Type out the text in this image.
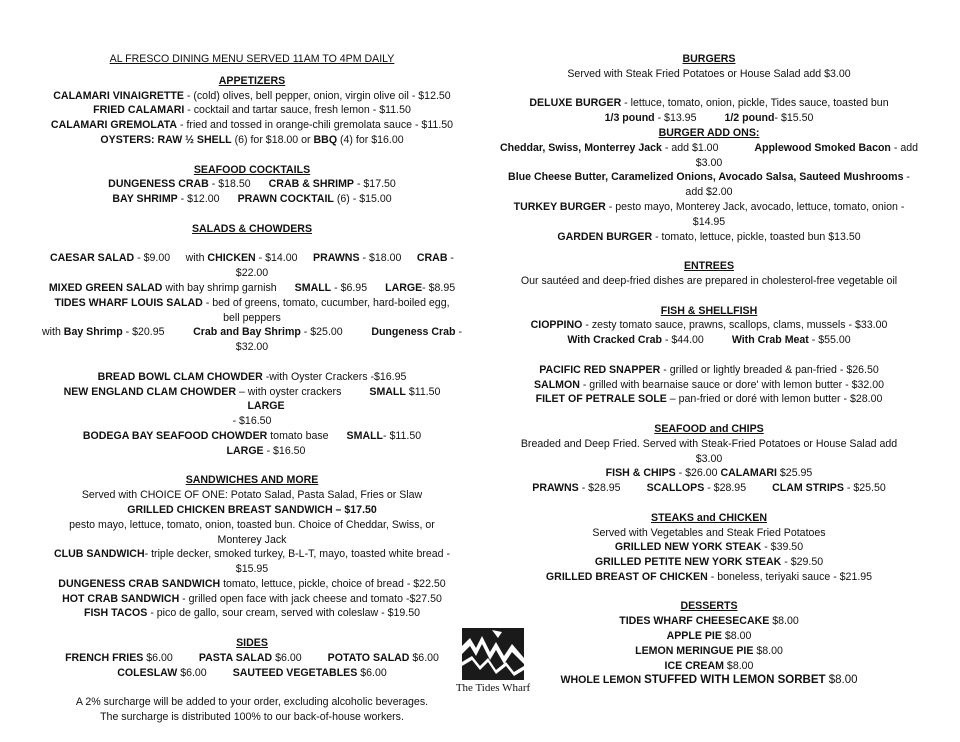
AL FRESCO DINING MENU SERVED 11AM TO 4PM DAILY
APPETIZERS
CALAMARI VINAIGRETTE - (cold) olives, bell pepper, onion, virgin olive oil - $12.50
FRIED CALAMARI - cocktail and tartar sauce, fresh lemon - $11.50
CALAMARI GREMOLATA - fried and tossed in orange-chili gremolata sauce - $11.50
OYSTERS: RAW ½ SHELL (6) for $18.00 or BBQ (4) for $16.00
SEAFOOD COCKTAILS
DUNGENESS CRAB - $18.50 CRAB & SHRIMP - $17.50
BAY SHRIMP - $12.00 PRAWN COCKTAIL (6) - $15.00
SALADS & CHOWDERS
CAESAR SALAD - $9.00 with CHICKEN - $14.00 PRAWNS - $18.00 CRAB -
$22.00
MIXED GREEN SALAD with bay shrimp garnish SMALL - $6.95 LARGE- $8.95
TIDES WHARF LOUIS SALAD - bed of greens, tomato, cucumber, hard-boiled egg,
bell peppers
with Bay Shrimp - $20.95	Crab and Bay Shrimp - $25.00	Dungeness Crab -
$32.00
BREAD BOWL CLAM CHOWDER -with Oyster Crackers -$16.95
NEW ENGLAND CLAM CHOWDER – with oyster crackers	SMALL $11.50LARGE
- $16.50
BODEGA BAY SEAFOOD CHOWDER tomato base SMALL- $11.50LARGE - $16.50
SANDWICHES AND MORE
Served with CHOICE OF ONE: Potato Salad, Pasta Salad, Fries or Slaw
GRILLED CHICKEN BREAST SANDWICH – $17.50
pesto mayo, lettuce, tomato, onion, toasted bun. Choice of Cheddar, Swiss, or
Monterey Jack
CLUB SANDWICH- triple decker, smoked turkey, B-L-T, mayo, toasted white bread -
$15.95
DUNGENESS CRAB SANDWICH tomato, lettuce, pickle, choice of bread - $22.50
HOT CRAB SANDWICH - grilled open face with jack cheese and tomato -$27.50
FISH TACOS - pico de gallo, sour cream, served with coleslaw - $19.50
SIDES
FRENCH FRIES $6.00 PASTA SALAD $6.00 POTATO SALAD $6.00
COLESLAW $6.00 SAUTEED VEGETABLES $6.00
A 2% surcharge will be added to your order, excluding alcoholic beverages.
The surcharge is distributed 100% to our back-of-house workers.
The Tides Wharf
BURGERS
Served with Steak Fried Potatoes or House Salad add $3.00
DELUXE BURGER - lettuce, tomato, onion, pickle, Tides sauce, toasted bun
1/3 pound - $13.95	1/2 pound- $15.50
BURGER ADD ONS:
Cheddar, Swiss, Monterrey Jack - add $1.00	Applewood Smoked Bacon - add
$3.00
Blue Cheese Butter, Caramelized Onions, Avocado Salsa, Sauteed Mushrooms -
add $2.00
TURKEY BURGER - pesto mayo, Monterey Jack, avocado, lettuce, tomato, onion -
$14.95
GARDEN BURGER - tomato, lettuce, pickle, toasted bun $13.50
ENTREES
Our sautéed and deep-fried dishes are prepared in cholesterol-free vegetable oil
FISH & SHELLFISH
CIOPPINO - zesty tomato sauce, prawns, scallops, clams, mussels - $33.00
With Cracked Crab - $44.00	With Crab Meat - $55.00
PACIFIC RED SNAPPER - grilled or lightly breaded & pan-fried - $26.50
SALMON - grilled with bearnaise sauce or dore' with lemon butter - $32.00
FILET OF PETRALE SOLE – pan-fried or doré with lemon butter - $28.00
SEAFOOD and CHIPS
Breaded and Deep Fried. Served with Steak-Fried Potatoes or House Salad add
$3.00
FISH & CHIPS - $26.00 CALAMARI $25.95
PRAWNS - $28.95 SCALLOPS - $28.95 CLAM STRIPS - $25.50
STEAKS and CHICKEN
Served with Vegetables and Steak Fried Potatoes
GRILLED NEW YORK STEAK - $39.50
GRILLED PETITE NEW YORK STEAK - $29.50
GRILLED BREAST OF CHICKEN - boneless, teriyaki sauce - $21.95
DESSERTS
TIDES WHARF CHEESECAKE $8.00
APPLE PIE $8.00
LEMON MERINGUE PIE $8.00
ICE CREAM $8.00
WHOLE LEMON STUFFED WITH LEMON SORBET $8.00
